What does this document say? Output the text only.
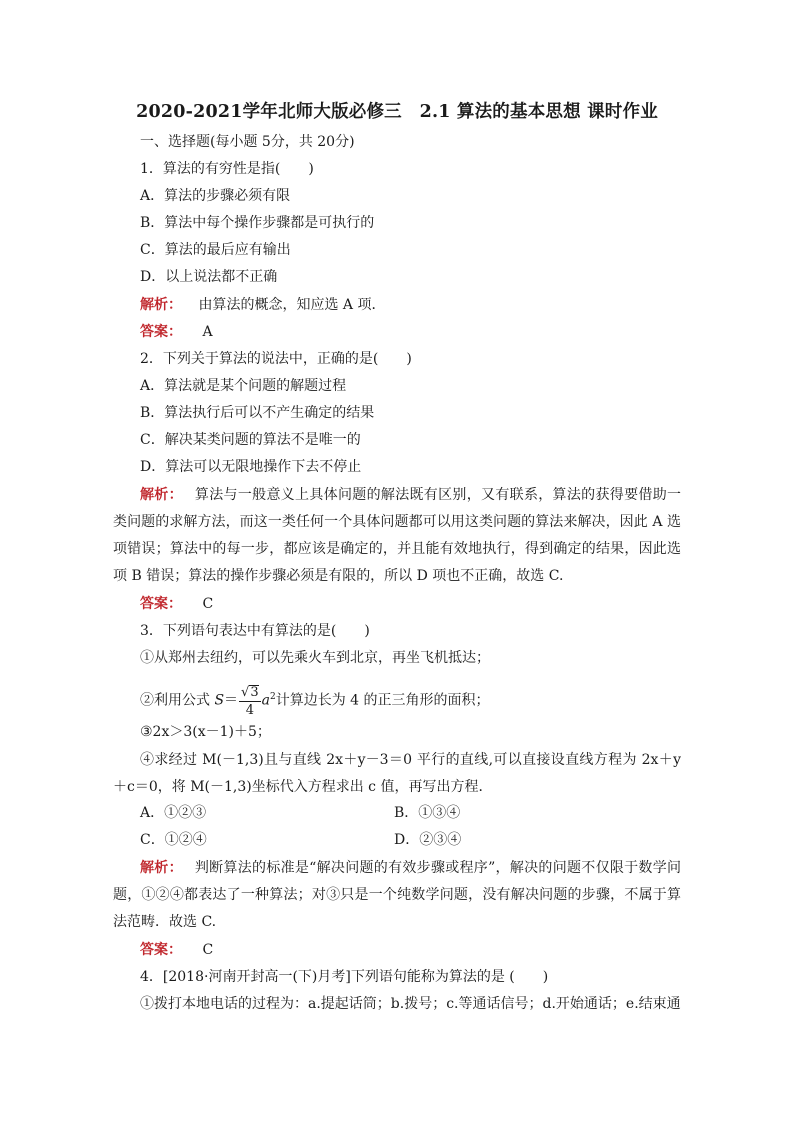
2020-2021学年北师大版必修三　2.1 算法的基本思想 课时作业
一、选择题(每小题 5分，共 20分)
1．算法的有穷性是指(　　)
A．算法的步骤必须有限
B．算法中每个操作步骤都是可执行的
C．算法的最后应有输出
D．以上说法都不正确
解析： 由算法的概念，知应选 A 项．
答案： A
2．下列关于算法的说法中，正确的是(　　)
A．算法就是某个问题的解题过程
B．算法执行后可以不产生确定的结果
C．解决某类问题的算法不是唯一的
D．算法可以无限地操作下去不停止
解析： 算法与一般意义上具体问题的解法既有区别，又有联系，算法的获得要借助一类问题的求解方法，而这一类任何一个具体问题都可以用这类问题的算法来解决，因此 A 选项错误；算法中的每一步，都应该是确定的，并且能有效地执行，得到确定的结果，因此选项 B 错误；算法的操作步骤必须是有限的，所以 D 项也不正确，故选 C.
答案： C
3．下列语句表达中有算法的是(　　)
①从郑州去纽约，可以先乘火车到北京，再坐飞机抵达；
②利用公式 $S= \frac{√3}{4} a^2$计算边长为 4 的正三角形的面积；
③2x＞3(x－1)＋5；
④求经过 M(－1,3)且与直线 2x＋y－3＝0 平行的直线,可以直接设直线方程为 2x＋y＋c＝0，将 M(－1,3)坐标代入方程求出 c 值，再写出方程．
A．①②③	B．①③④
C．①②④	D．②③④
解析： 判断算法的标准是“解决问题的有效步骤或程序”，解决的问题不仅限于数学问题，①②④都表达了一种算法；对③只是一个纯数学问题，没有解决问题的步骤，不属于算法范畴．故选 C.
答案： C
4．[2018·河南开封高一(下)月考]下列语句能称为算法的是 (　　)
①拨打本地电话的过程为：a.提起话筒；b.拨号；c.等通话信号；d.开始通话；e.结束通
